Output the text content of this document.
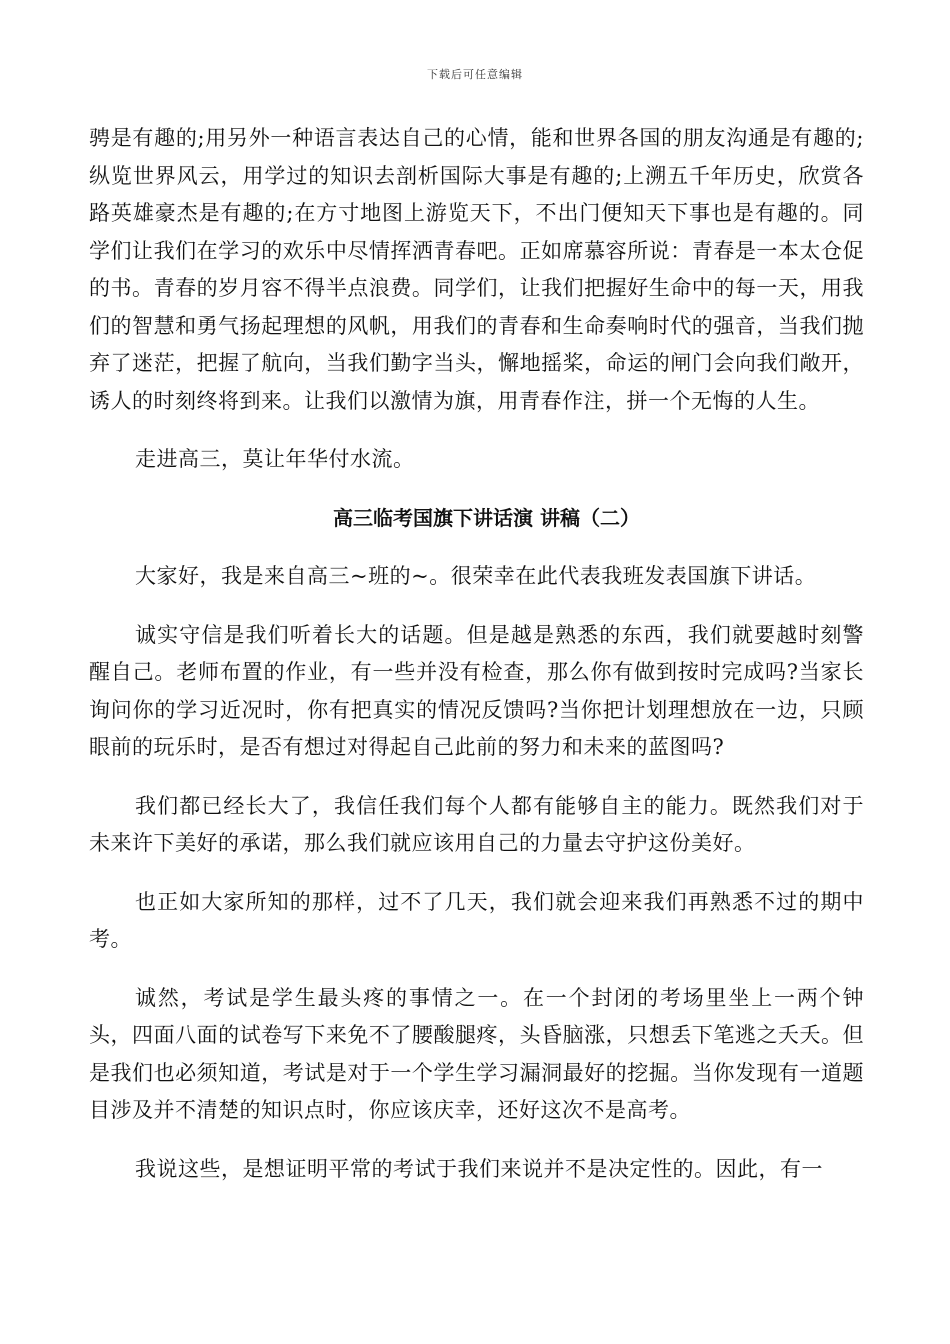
下载后可任意编辑

骋是有趣的;用另外一种语言表达自己的心情，能和世界各国的朋友沟通是有趣的;纵览世界风云，用学过的知识去剖析国际大事是有趣的;上溯五千年历史，欣赏各路英雄豪杰是有趣的;在方寸地图上游览天下，不出门便知天下事也是有趣的。同学们让我们在学习的欢乐中尽情挥洒青春吧。正如席慕容所说：青春是一本太仓促的书。青春的岁月容不得半点浪费。同学们，让我们把握好生命中的每一天，用我们的智慧和勇气扬起理想的风帆，用我们的青春和生命奏响时代的强音，当我们抛弃了迷茫，把握了航向，当我们勤字当头，懈地摇桨，命运的闸门会向我们敞开，诱人的时刻终将到来。让我们以激情为旗，用青春作注，拼一个无悔的人生。

走进高三，莫让年华付水流。

高三临考国旗下讲话演 讲稿（二）

大家好，我是来自高三~班的~。很荣幸在此代表我班发表国旗下讲话。

诚实守信是我们听着长大的话题。但是越是熟悉的东西，我们就要越时刻警醒自己。老师布置的作业，有一些并没有检查，那么你有做到按时完成吗?当家长询问你的学习近况时，你有把真实的情况反馈吗?当你把计划理想放在一边，只顾眼前的玩乐时，是否有想过对得起自己此前的努力和未来的蓝图吗?

我们都已经长大了，我信任我们每个人都有能够自主的能力。既然我们对于未来许下美好的承诺，那么我们就应该用自己的力量去守护这份美好。

也正如大家所知的那样，过不了几天，我们就会迎来我们再熟悉不过的期中考。

诚然，考试是学生最头疼的事情之一。在一个封闭的考场里坐上一两个钟头，四面八面的试卷写下来免不了腰酸腿疼，头昏脑涨，只想丢下笔逃之夭夭。但是我们也必须知道，考试是对于一个学生学习漏洞最好的挖掘。当你发现有一道题目涉及并不清楚的知识点时，你应该庆幸，还好这次不是高考。

我说这些，是想证明平常的考试于我们来说并不是决定性的。因此，有一
